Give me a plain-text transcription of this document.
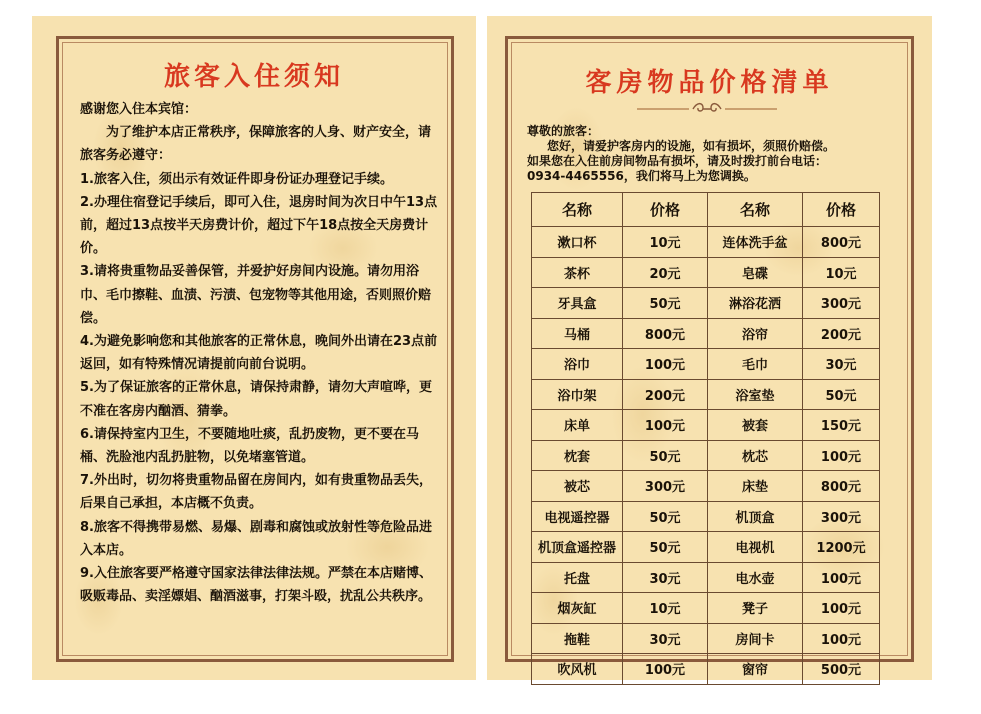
旅客入住须知

感谢您入住本宾馆：

为了维护本店正常秩序，保障旅客的人身、财产安全，请旅客务必遵守：

1.旅客入住，须出示有效证件即身份证办理登记手续。

2.办理住宿登记手续后，即可入住，退房时间为次日中午13点前，超过13点按半天房费计价，超过下午18点按全天房费计价。

3.请将贵重物品妥善保管，并爱护好房间内设施。请勿用浴巾、毛巾擦鞋、血渍、污渍、包宠物等其他用途，否则照价赔偿。

4.为避免影响您和其他旅客的正常休息，晚间外出请在23点前返回，如有特殊情况请提前向前台说明。

5.为了保证旅客的正常休息，请保持肃静，请勿大声喧哗，更不准在客房内酗酒、猜拳。

6.请保持室内卫生，不要随地吐痰，乱扔废物，更不要在马桶、洗脸池内乱扔脏物，以免堵塞管道。

7.外出时，切勿将贵重物品留在房间内，如有贵重物品丢失，后果自己承担，本店概不负责。

8.旅客不得携带易燃、易爆、剧毒和腐蚀或放射性等危险品进入本店。

9.入住旅客要严格遵守国家法律法律法规。严禁在本店赌博、吸贩毒品、卖淫嫖娼、酗酒滋事，打架斗殴，扰乱公共秩序。

客房物品价格清单

尊敬的旅客：

您好，请爱护客房内的设施，如有损坏，须照价赔偿。

如果您在入住前房间物品有损坏，请及时拨打前台电话：

0934-4465556，我们将马上为您调换。

名称	价格	名称	价格
漱口杯	10元	连体洗手盆	800元
茶杯	20元	皂碟	10元
牙具盒	50元	淋浴花洒	300元
马桶	800元	浴帘	200元
浴巾	100元	毛巾	30元
浴巾架	200元	浴室垫	50元
床单	100元	被套	150元
枕套	50元	枕芯	100元
被芯	300元	床垫	800元
电视遥控器	50元	机顶盒	300元
机顶盒遥控器	50元	电视机	1200元
托盘	30元	电水壶	100元
烟灰缸	10元	凳子	100元
拖鞋	30元	房间卡	100元
吹风机	100元	窗帘	500元
